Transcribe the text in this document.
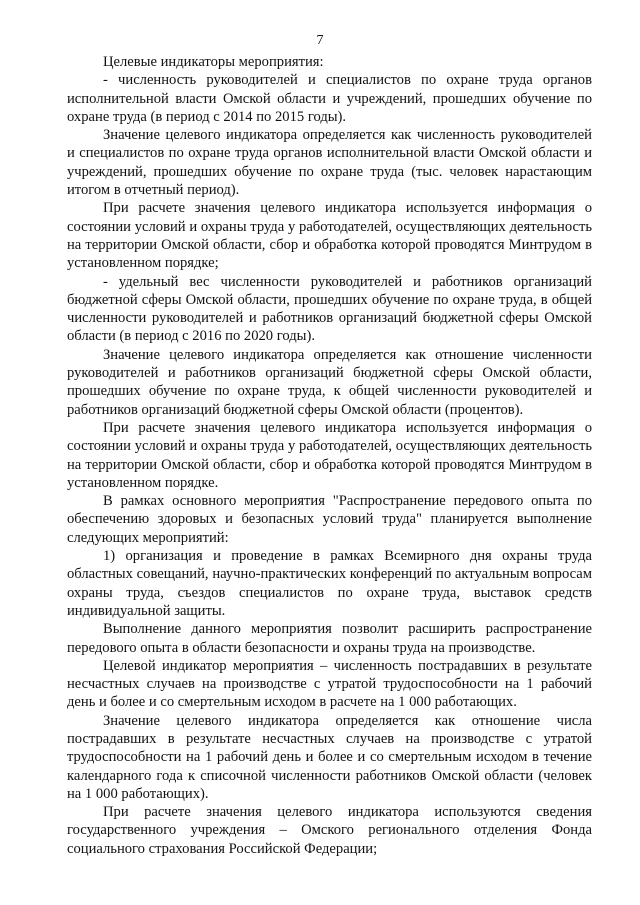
7

Целевые индикаторы мероприятия:

- численность руководителей и специалистов по охране труда органов исполнительной власти Омской области и учреждений, прошедших обучение по охране труда (в период с 2014 по 2015 годы).

Значение целевого индикатора определяется как численность руководителей и специалистов по охране труда органов исполнительной власти Омской области и учреждений, прошедших обучение по охране труда (тыс. человек нарастающим итогом в отчетный период).

При расчете значения целевого индикатора используется информация о состоянии условий и охраны труда у работодателей, осуществляющих деятельность на территории Омской области, сбор и обработка которой проводятся Минтрудом в установленном порядке;

- удельный вес численности руководителей и работников организаций бюджетной сферы Омской области, прошедших обучение по охране труда, в общей численности руководителей и работников организаций бюджетной сферы Омской области (в период с 2016 по 2020 годы).

Значение целевого индикатора определяется как отношение численности руководителей и работников организаций бюджетной сферы Омской области, прошедших обучение по охране труда, к общей численности руководителей и работников организаций бюджетной сферы Омской области (процентов).

При расчете значения целевого индикатора используется информация о состоянии условий и охраны труда у работодателей, осуществляющих деятельность на территории Омской области, сбор и обработка которой проводятся Минтрудом в установленном порядке.

В рамках основного мероприятия "Распространение передового опыта по обеспечению здоровых и безопасных условий труда" планируется выполнение следующих мероприятий:

1) организация и проведение в рамках Всемирного дня охраны труда областных совещаний, научно-практических конференций по актуальным вопросам охраны труда, съездов специалистов по охране труда, выставок средств индивидуальной защиты.

Выполнение данного мероприятия позволит расширить распространение передового опыта в области безопасности и охраны труда на производстве.

Целевой индикатор мероприятия – численность пострадавших в результате несчастных случаев на производстве с утратой трудоспособности на 1 рабочий день и более и со смертельным исходом в расчете на 1 000 работающих.

Значение целевого индикатора определяется как отношение числа пострадавших в результате несчастных случаев на производстве с утратой трудоспособности на 1 рабочий день и более и со смертельным исходом в течение календарного года к списочной численности работников Омской области (человек на 1 000 работающих).

При расчете значения целевого индикатора используются сведения государственного учреждения – Омского регионального отделения Фонда социального страхования Российской Федерации;
